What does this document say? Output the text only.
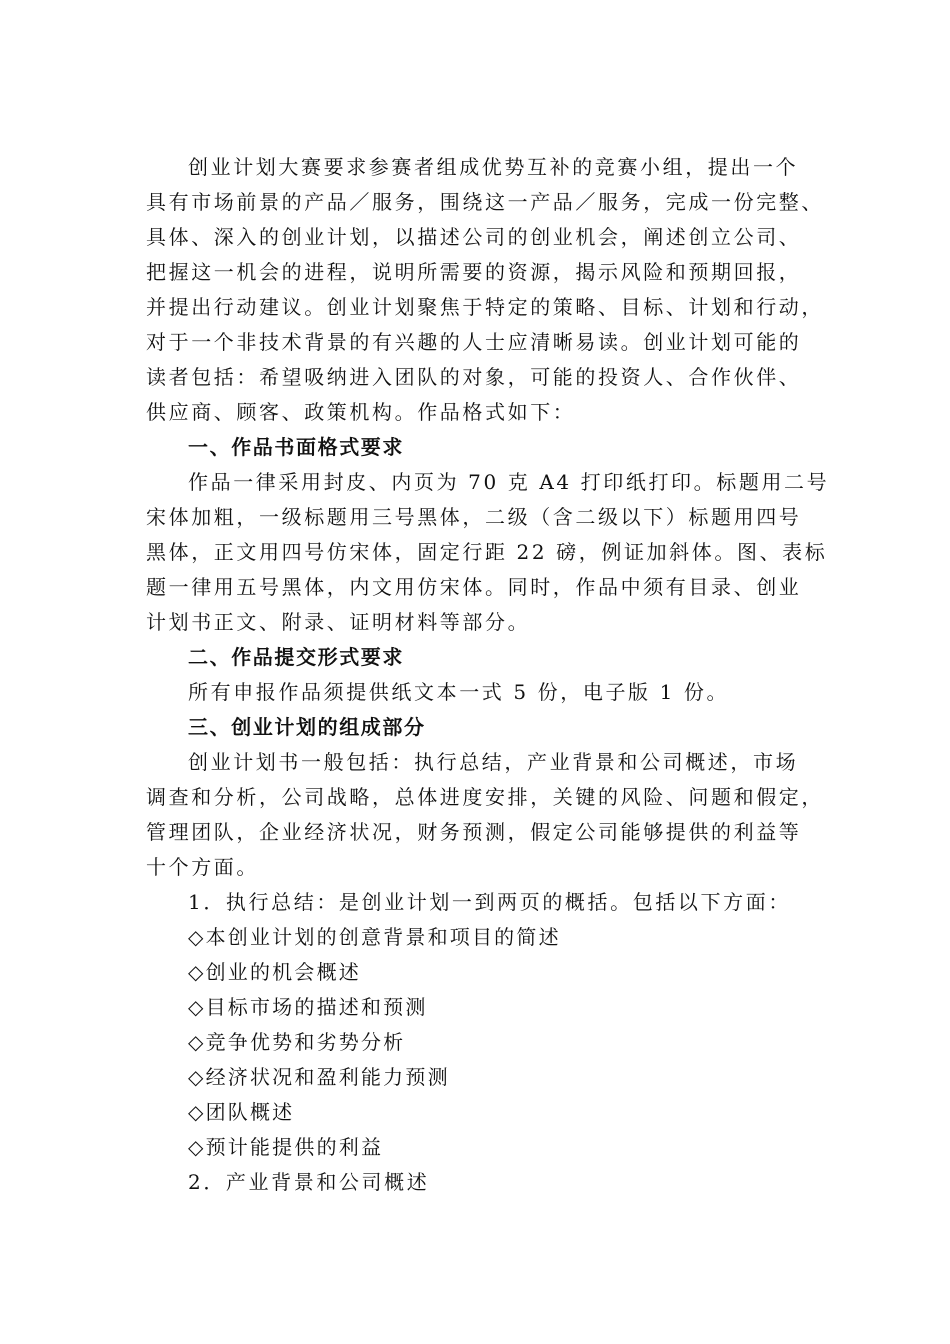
创业计划大赛要求参赛者组成优势互补的竞赛小组，提出一个
具有市场前景的产品／服务，围绕这一产品／服务，完成一份完整、
具体、深入的创业计划，以描述公司的创业机会，阐述创立公司、
把握这一机会的进程，说明所需要的资源，揭示风险和预期回报，
并提出行动建议。创业计划聚焦于特定的策略、目标、计划和行动，
对于一个非技术背景的有兴趣的人士应清晰易读。创业计划可能的
读者包括：希望吸纳进入团队的对象，可能的投资人、合作伙伴、
供应商、顾客、政策机构。作品格式如下：
一、作品书面格式要求
作品一律采用封皮、内页为 70 克 A4 打印纸打印。标题用二号
宋体加粗，一级标题用三号黑体，二级（含二级以下）标题用四号
黑体，正文用四号仿宋体，固定行距 22 磅，例证加斜体。图、表标
题一律用五号黑体，内文用仿宋体。同时，作品中须有目录、创业
计划书正文、附录、证明材料等部分。
二、作品提交形式要求
所有申报作品须提供纸文本一式 5 份，电子版 1 份。
三、创业计划的组成部分
创业计划书一般包括：执行总结，产业背景和公司概述，市场
调查和分析，公司战略，总体进度安排，关键的风险、问题和假定，
管理团队，企业经济状况，财务预测，假定公司能够提供的利益等
十个方面。
1．执行总结：是创业计划一到两页的概括。包括以下方面：
◇本创业计划的创意背景和项目的简述
◇创业的机会概述
◇目标市场的描述和预测
◇竞争优势和劣势分析
◇经济状况和盈利能力预测
◇团队概述
◇预计能提供的利益
2．产业背景和公司概述
